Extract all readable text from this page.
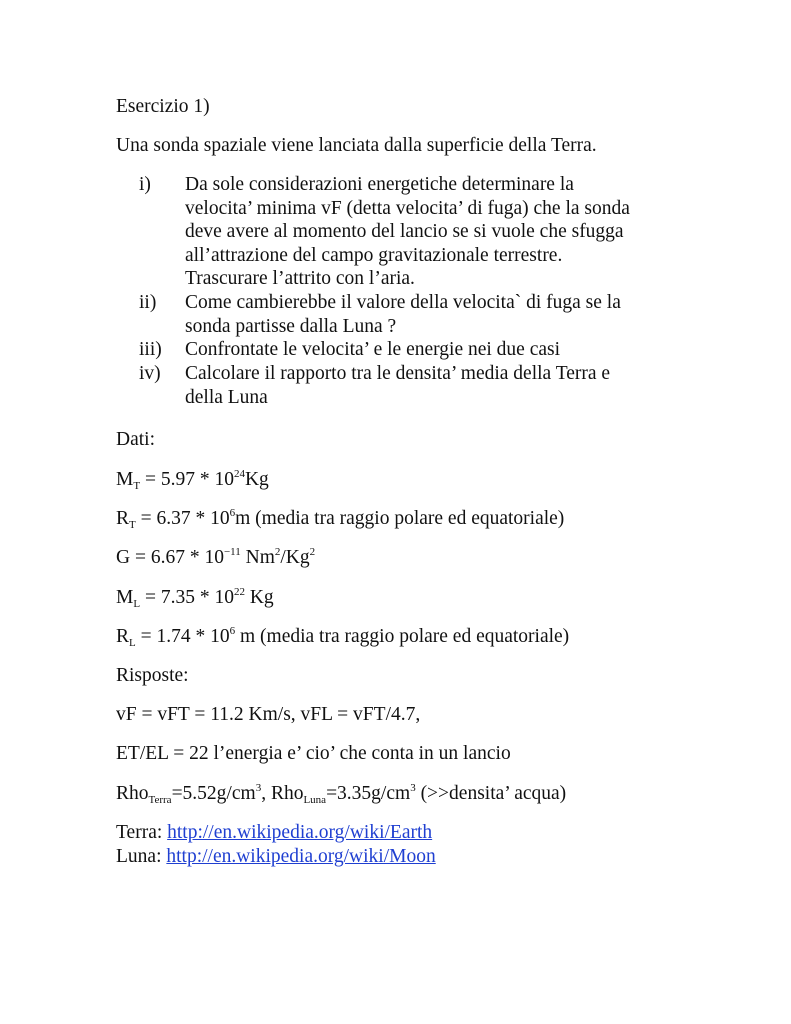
Esercizio 1)
Una sonda spaziale viene lanciata dalla superficie della Terra.
i)	Da sole considerazioni energetiche determinare la
velocita’ minima vF (detta velocita’ di fuga) che la sonda
deve avere al momento del lancio se si vuole che sfugga
all’attrazione del campo gravitazionale terrestre.
Trascurare l’attrito con l’aria.
ii)	Come cambierebbe il valore della velocita` di fuga se la
sonda partisse dalla Luna ?
iii)	Confrontate le velocita’ e le energie nei due casi
iv)	Calcolare il rapporto tra le densita’ media della Terra e
della Luna
Dati:
$M_T = 5.97 * 10^{24}Kg$
$R_T = 6.37 * 10^6m$ (media tra raggio polare ed equatoriale)
$G = 6.67 * 10^{-11}$ Nm$^2$/Kg$^2$
$M_L = 7.35 * 10^{22}$ Kg
$R_L = 1.74 * 10^6$ m (media tra raggio polare ed equatoriale)
Risposte:
vF = vFT = 11.2 Km/s, vFL = vFT/4.7,
ET/EL = 22 l’energia e’ cio’ che conta in un lancio
$Rho_{Terra}=5.52g/cm^3$, $Rho_{Luna}=3.35g/cm^3$ (>>densita’ acqua)
Terra: http://en.wikipedia.org/wiki/Earth
Luna: http://en.wikipedia.org/wiki/Moon
